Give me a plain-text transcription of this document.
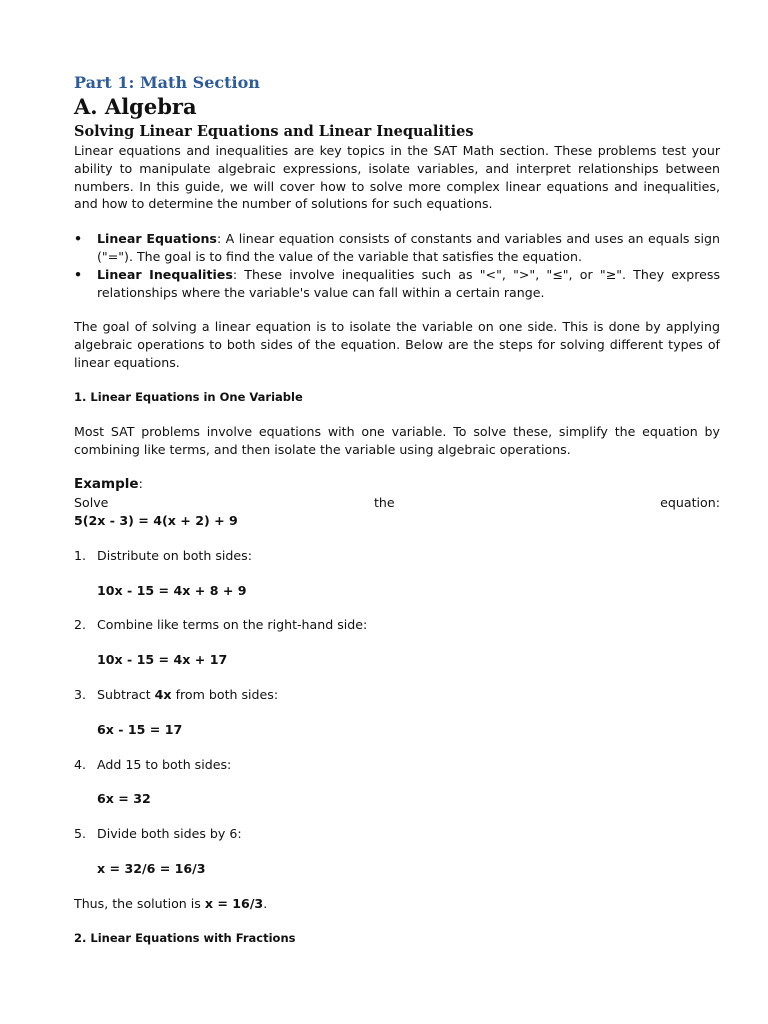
Part 1: Math Section
A. Algebra
Solving Linear Equations and Linear Inequalities

Linear equations and inequalities are key topics in the SAT Math section. These problems test your ability to manipulate algebraic expressions, isolate variables, and interpret relationships between numbers. In this guide, we will cover how to solve more complex linear equations and inequalities, and how to determine the number of solutions for such equations.

• Linear Equations: A linear equation consists of constants and variables and uses an equals sign ("="). The goal is to find the value of the variable that satisfies the equation.
• Linear Inequalities: These involve inequalities such as "<", ">", "≤", or "≥". They express relationships where the variable's value can fall within a certain range.

The goal of solving a linear equation is to isolate the variable on one side. This is done by applying algebraic operations to both sides of the equation. Below are the steps for solving different types of linear equations.

1. Linear Equations in One Variable

Most SAT problems involve equations with one variable. To solve these, simplify the equation by combining like terms, and then isolate the variable using algebraic operations.

Example:
Solve	the	equation:
5(2x - 3) = 4(x + 2) + 9
1. Distribute on both sides:
10x - 15 = 4x + 8 + 9
2. Combine like terms on the right-hand side:
10x - 15 = 4x + 17
3. Subtract 4x from both sides:
6x - 15 = 17
4. Add 15 to both sides:
6x = 32
5. Divide both sides by 6:
x = 32/6 = 16/3
Thus, the solution is x = 16/3.
2. Linear Equations with Fractions
